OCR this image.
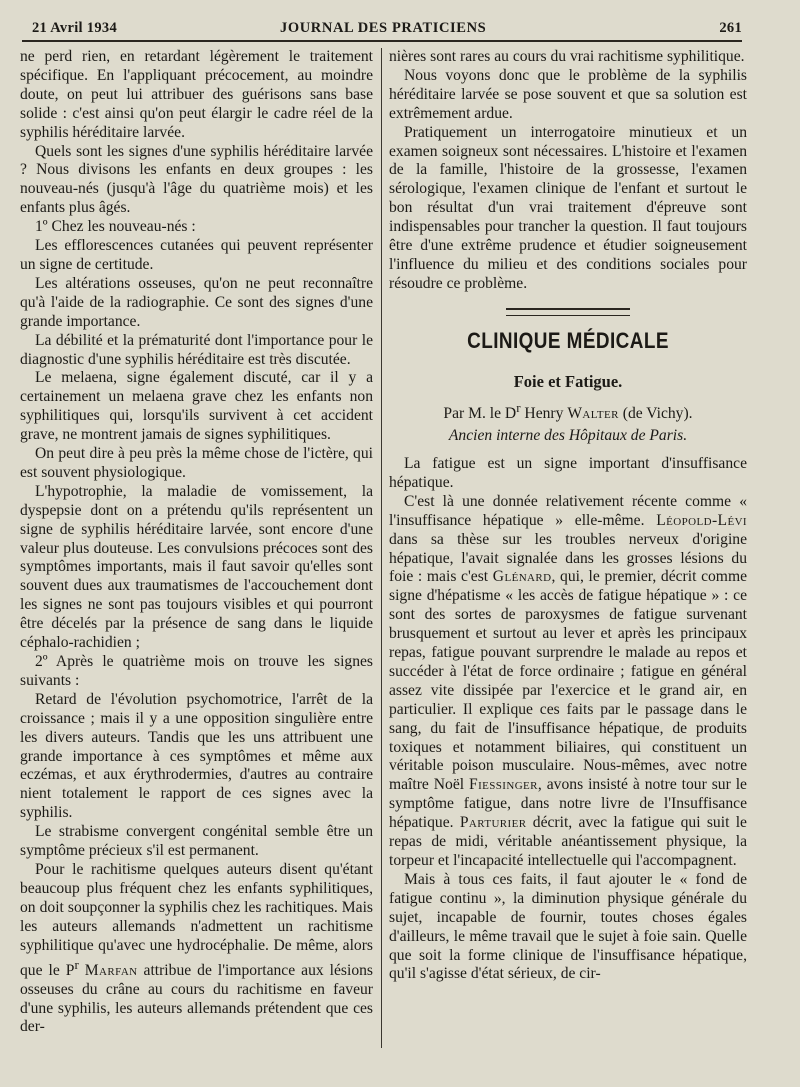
21 Avril 1934	JOURNAL DES PRATICIENS	261

ne perd rien, en retardant légèrement le traitement spécifique. En l'appliquant précocement, au moindre doute, on peut lui attribuer des guérisons sans base solide : c'est ainsi qu'on peut élargir le cadre réel de la syphilis héréditaire larvée.

Quels sont les signes d'une syphilis héréditaire larvée ? Nous divisons les enfants en deux groupes : les nouveau-nés (jusqu'à l'âge du quatrième mois) et les enfants plus âgés.

1º Chez les nouveau-nés :

Les efflorescences cutanées qui peuvent représenter un signe de certitude.

Les altérations osseuses, qu'on ne peut reconnaître qu'à l'aide de la radiographie. Ce sont des signes d'une grande importance.

La débilité et la prématurité dont l'importance pour le diagnostic d'une syphilis héréditaire est très discutée.

Le melaena, signe également discuté, car il y a certainement un melaena grave chez les enfants non syphilitiques qui, lorsqu'ils survivent à cet accident grave, ne montrent jamais de signes syphilitiques.

On peut dire à peu près la même chose de l'ictère, qui est souvent physiologique.

L'hypotrophie, la maladie de vomissement, la dyspepsie dont on a prétendu qu'ils représentent un signe de syphilis héréditaire larvée, sont encore d'une valeur plus douteuse. Les convulsions précoces sont des symptômes importants, mais il faut savoir qu'elles sont souvent dues aux traumatismes de l'accouchement dont les signes ne sont pas toujours visibles et qui pourront être décelés par la présence de sang dans le liquide céphalo-rachidien ;

2º Après le quatrième mois on trouve les signes suivants :

Retard de l'évolution psychomotrice, l'arrêt de la croissance ; mais il y a une opposition singulière entre les divers auteurs. Tandis que les uns attribuent une grande importance à ces symptômes et même aux eczémas, et aux érythrodermies, d'autres au contraire nient totalement le rapport de ces signes avec la syphilis.

Le strabisme convergent congénital semble être un symptôme précieux s'il est permanent.

Pour le rachitisme quelques auteurs disent qu'étant beaucoup plus fréquent chez les enfants syphilitiques, on doit soupçonner la syphilis chez les rachitiques. Mais les auteurs allemands n'admettent un rachitisme syphilitique qu'avec une hydrocéphalie. De même, alors que le $P^r$ Marfan attribue de l'importance aux lésions osseuses du crâne au cours du rachitisme en faveur d'une syphilis, les auteurs allemands prétendent que ces der-

nières sont rares au cours du vrai rachitisme syphilitique.

Nous voyons donc que le problème de la syphilis héréditaire larvée se pose souvent et que sa solution est extrêmement ardue.

Pratiquement un interrogatoire minutieux et un examen soigneux sont nécessaires. L'histoire et l'examen de la famille, l'histoire de la grossesse, l'examen sérologique, l'examen clinique de l'enfant et surtout le bon résultat d'un vrai traitement d'épreuve sont indispensables pour trancher la question. Il faut toujours être d'une extrême prudence et étudier soigneusement l'influence du milieu et des conditions sociales pour résoudre ce problème.

CLINIQUE MÉDICALE
Foie et Fatigue.
Par M. le $D^r$ Henry Walter (de Vichy).
Ancien interne des Hôpitaux de Paris.

La fatigue est un signe important d'insuffisance hépatique.

C'est là une donnée relativement récente comme « l'insuffisance hépatique » elle-même. Léopold-Lévi dans sa thèse sur les troubles nerveux d'origine hépatique, l'avait signalée dans les grosses lésions du foie : mais c'est Glénard, qui, le premier, décrit comme signe d'hépatisme « les accès de fatigue hépatique » : ce sont des sortes de paroxysmes de fatigue survenant brusquement et surtout au lever et après les principaux repas, fatigue pouvant surprendre le malade au repos et succéder à l'état de force ordinaire ; fatigue en général assez vite dissipée par l'exercice et le grand air, en particulier. Il explique ces faits par le passage dans le sang, du fait de l'insuffisance hépatique, de produits toxiques et notamment biliaires, qui constituent un véritable poison musculaire. Nous-mêmes, avec notre maître Noël Fiessinger, avons insisté à notre tour sur le symptôme fatigue, dans notre livre de l'Insuffisance hépatique. Parturier décrit, avec la fatigue qui suit le repas de midi, véritable anéantissement physique, la torpeur et l'incapacité intellectuelle qui l'accompagnent.

Mais à tous ces faits, il faut ajouter le « fond de fatigue continu », la diminution physique générale du sujet, incapable de fournir, toutes choses égales d'ailleurs, le même travail que le sujet à foie sain. Quelle que soit la forme clinique de l'insuffisance hépatique, qu'il s'agisse d'état sérieux, de cir-
